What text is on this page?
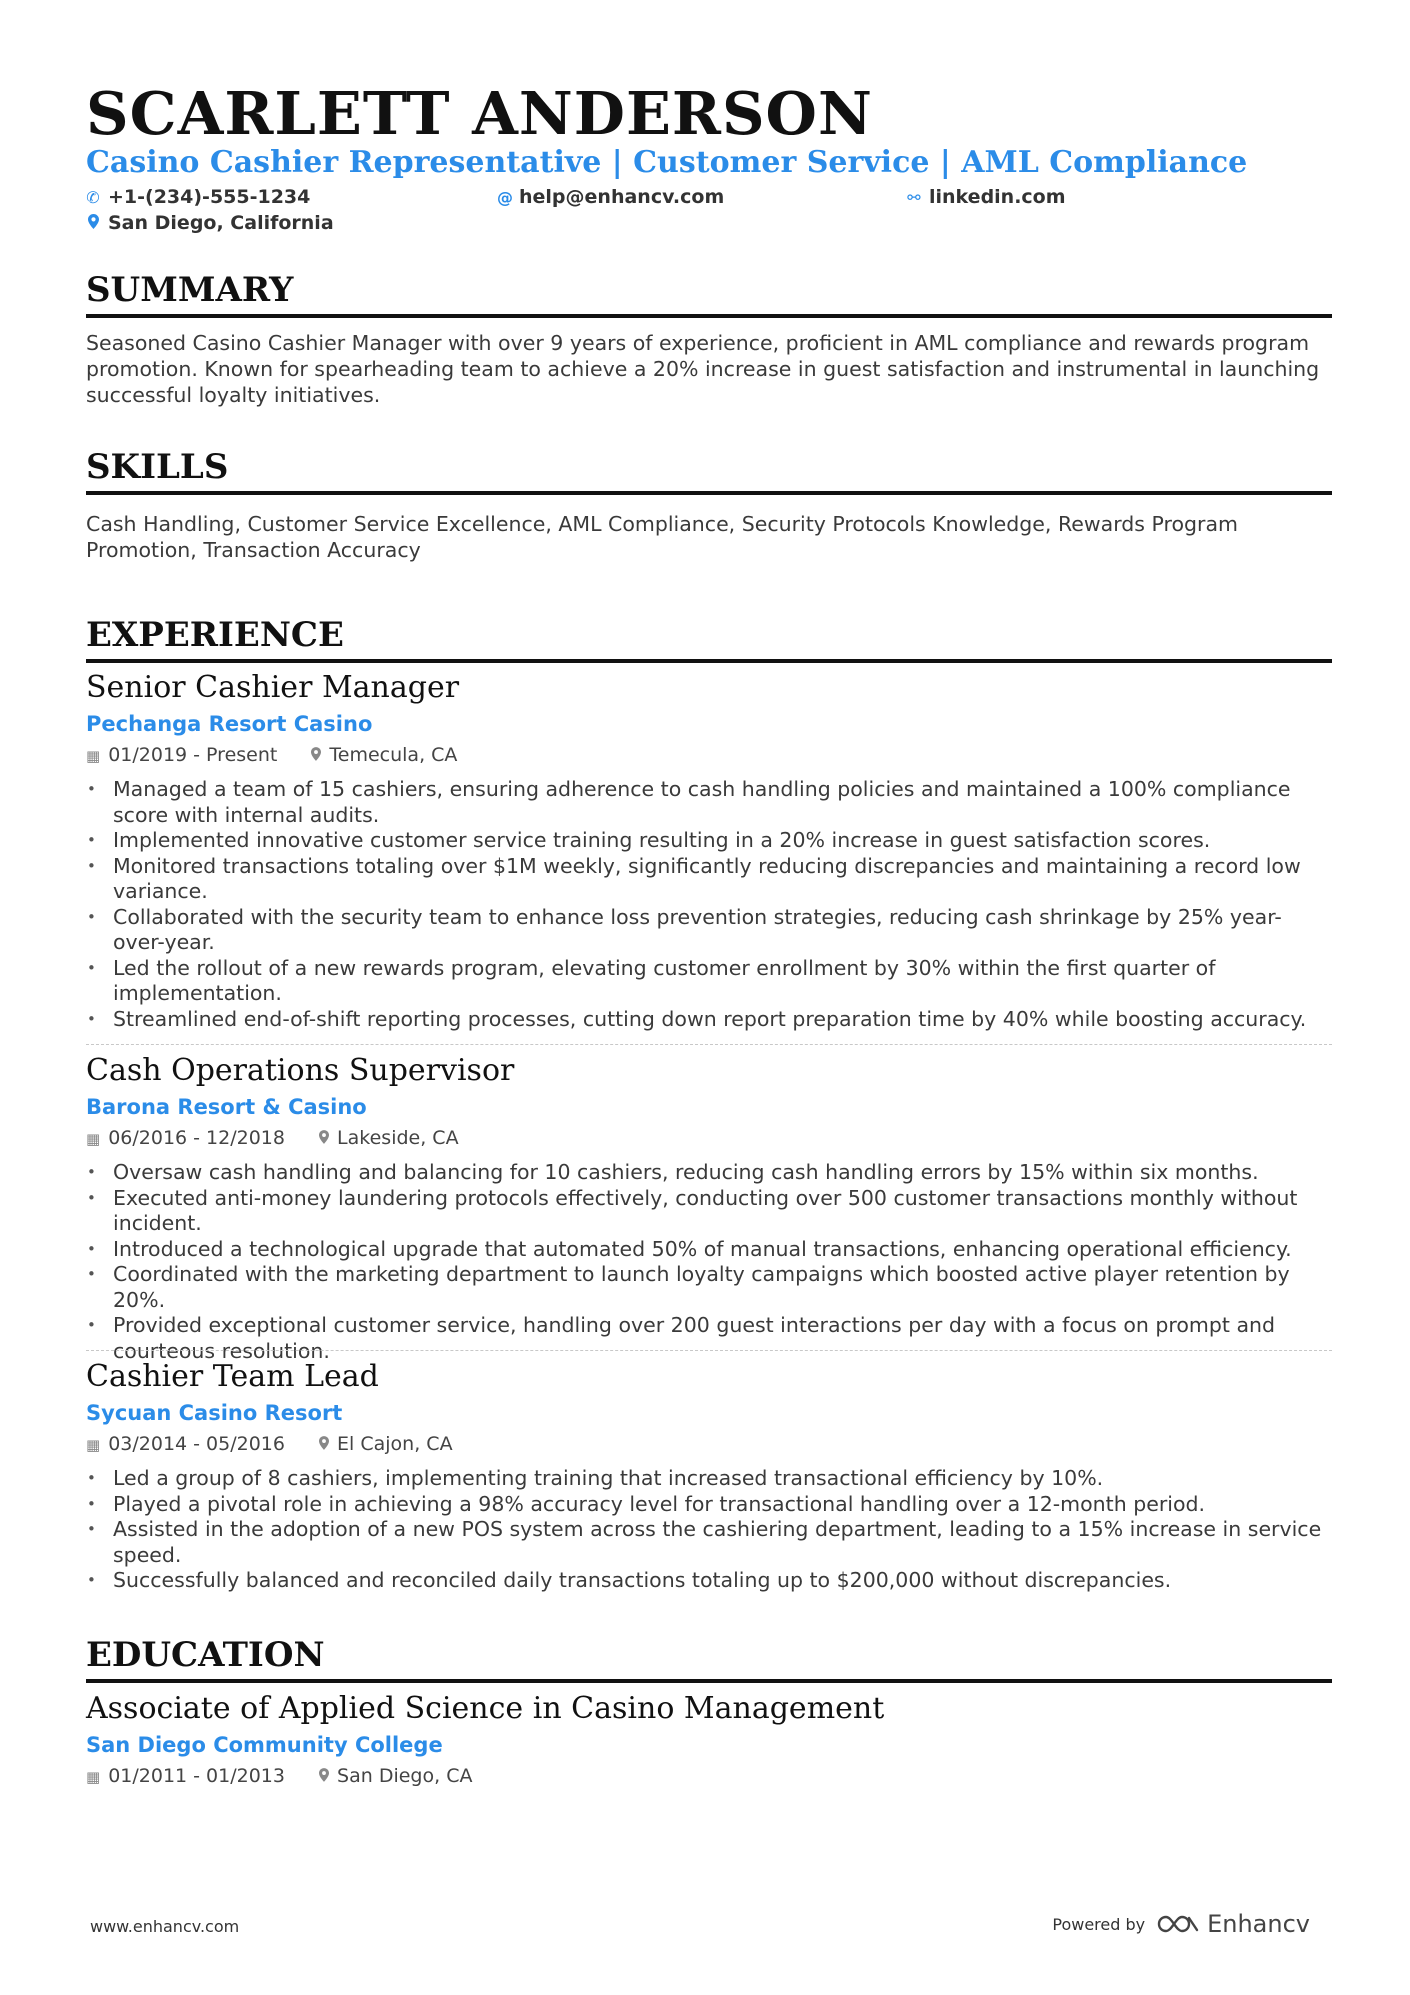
SCARLETT ANDERSON
Casino Cashier Representative | Customer Service | AML Compliance
✆ +1-(234)-555-1234	@ help@enhancv.com	⚯ linkedin.com
San Diego, California
SUMMARY
Seasoned Casino Cashier Manager with over 9 years of experience, proficient in AML compliance and rewards program promotion. Known for spearheading team to achieve a 20% increase in guest satisfaction and instrumental in launching successful loyalty initiatives.
SKILLS
Cash Handling, Customer Service Excellence, AML Compliance, Security Protocols Knowledge, Rewards Program Promotion, Transaction Accuracy
EXPERIENCE
Senior Cashier Manager
Pechanga Resort Casino
▦ 01/2019 - Present	Temecula, CA
• Managed a team of 15 cashiers, ensuring adherence to cash handling policies and maintained a 100% compliance score with internal audits.
• Implemented innovative customer service training resulting in a 20% increase in guest satisfaction scores.
• Monitored transactions totaling over $1M weekly, significantly reducing discrepancies and maintaining a record low variance.
• Collaborated with the security team to enhance loss prevention strategies, reducing cash shrinkage by 25% year-over-year.
• Led the rollout of a new rewards program, elevating customer enrollment by 30% within the first quarter of implementation.
• Streamlined end-of-shift reporting processes, cutting down report preparation time by 40% while boosting accuracy.
Cash Operations Supervisor
Barona Resort & Casino
▦ 06/2016 - 12/2018	Lakeside, CA
• Oversaw cash handling and balancing for 10 cashiers, reducing cash handling errors by 15% within six months.
• Executed anti-money laundering protocols effectively, conducting over 500 customer transactions monthly without incident.
• Introduced a technological upgrade that automated 50% of manual transactions, enhancing operational efficiency.
• Coordinated with the marketing department to launch loyalty campaigns which boosted active player retention by 20%.
• Provided exceptional customer service, handling over 200 guest interactions per day with a focus on prompt and courteous resolution.
Cashier Team Lead
Sycuan Casino Resort
▦ 03/2014 - 05/2016	El Cajon, CA
• Led a group of 8 cashiers, implementing training that increased transactional efficiency by 10%.
• Played a pivotal role in achieving a 98% accuracy level for transactional handling over a 12-month period.
• Assisted in the adoption of a new POS system across the cashiering department, leading to a 15% increase in service speed.
• Successfully balanced and reconciled daily transactions totaling up to $200,000 without discrepancies.
EDUCATION
Associate of Applied Science in Casino Management
San Diego Community College
▦ 01/2011 - 01/2013	San Diego, CA
www.enhancv.com	Powered by	Enhancv
